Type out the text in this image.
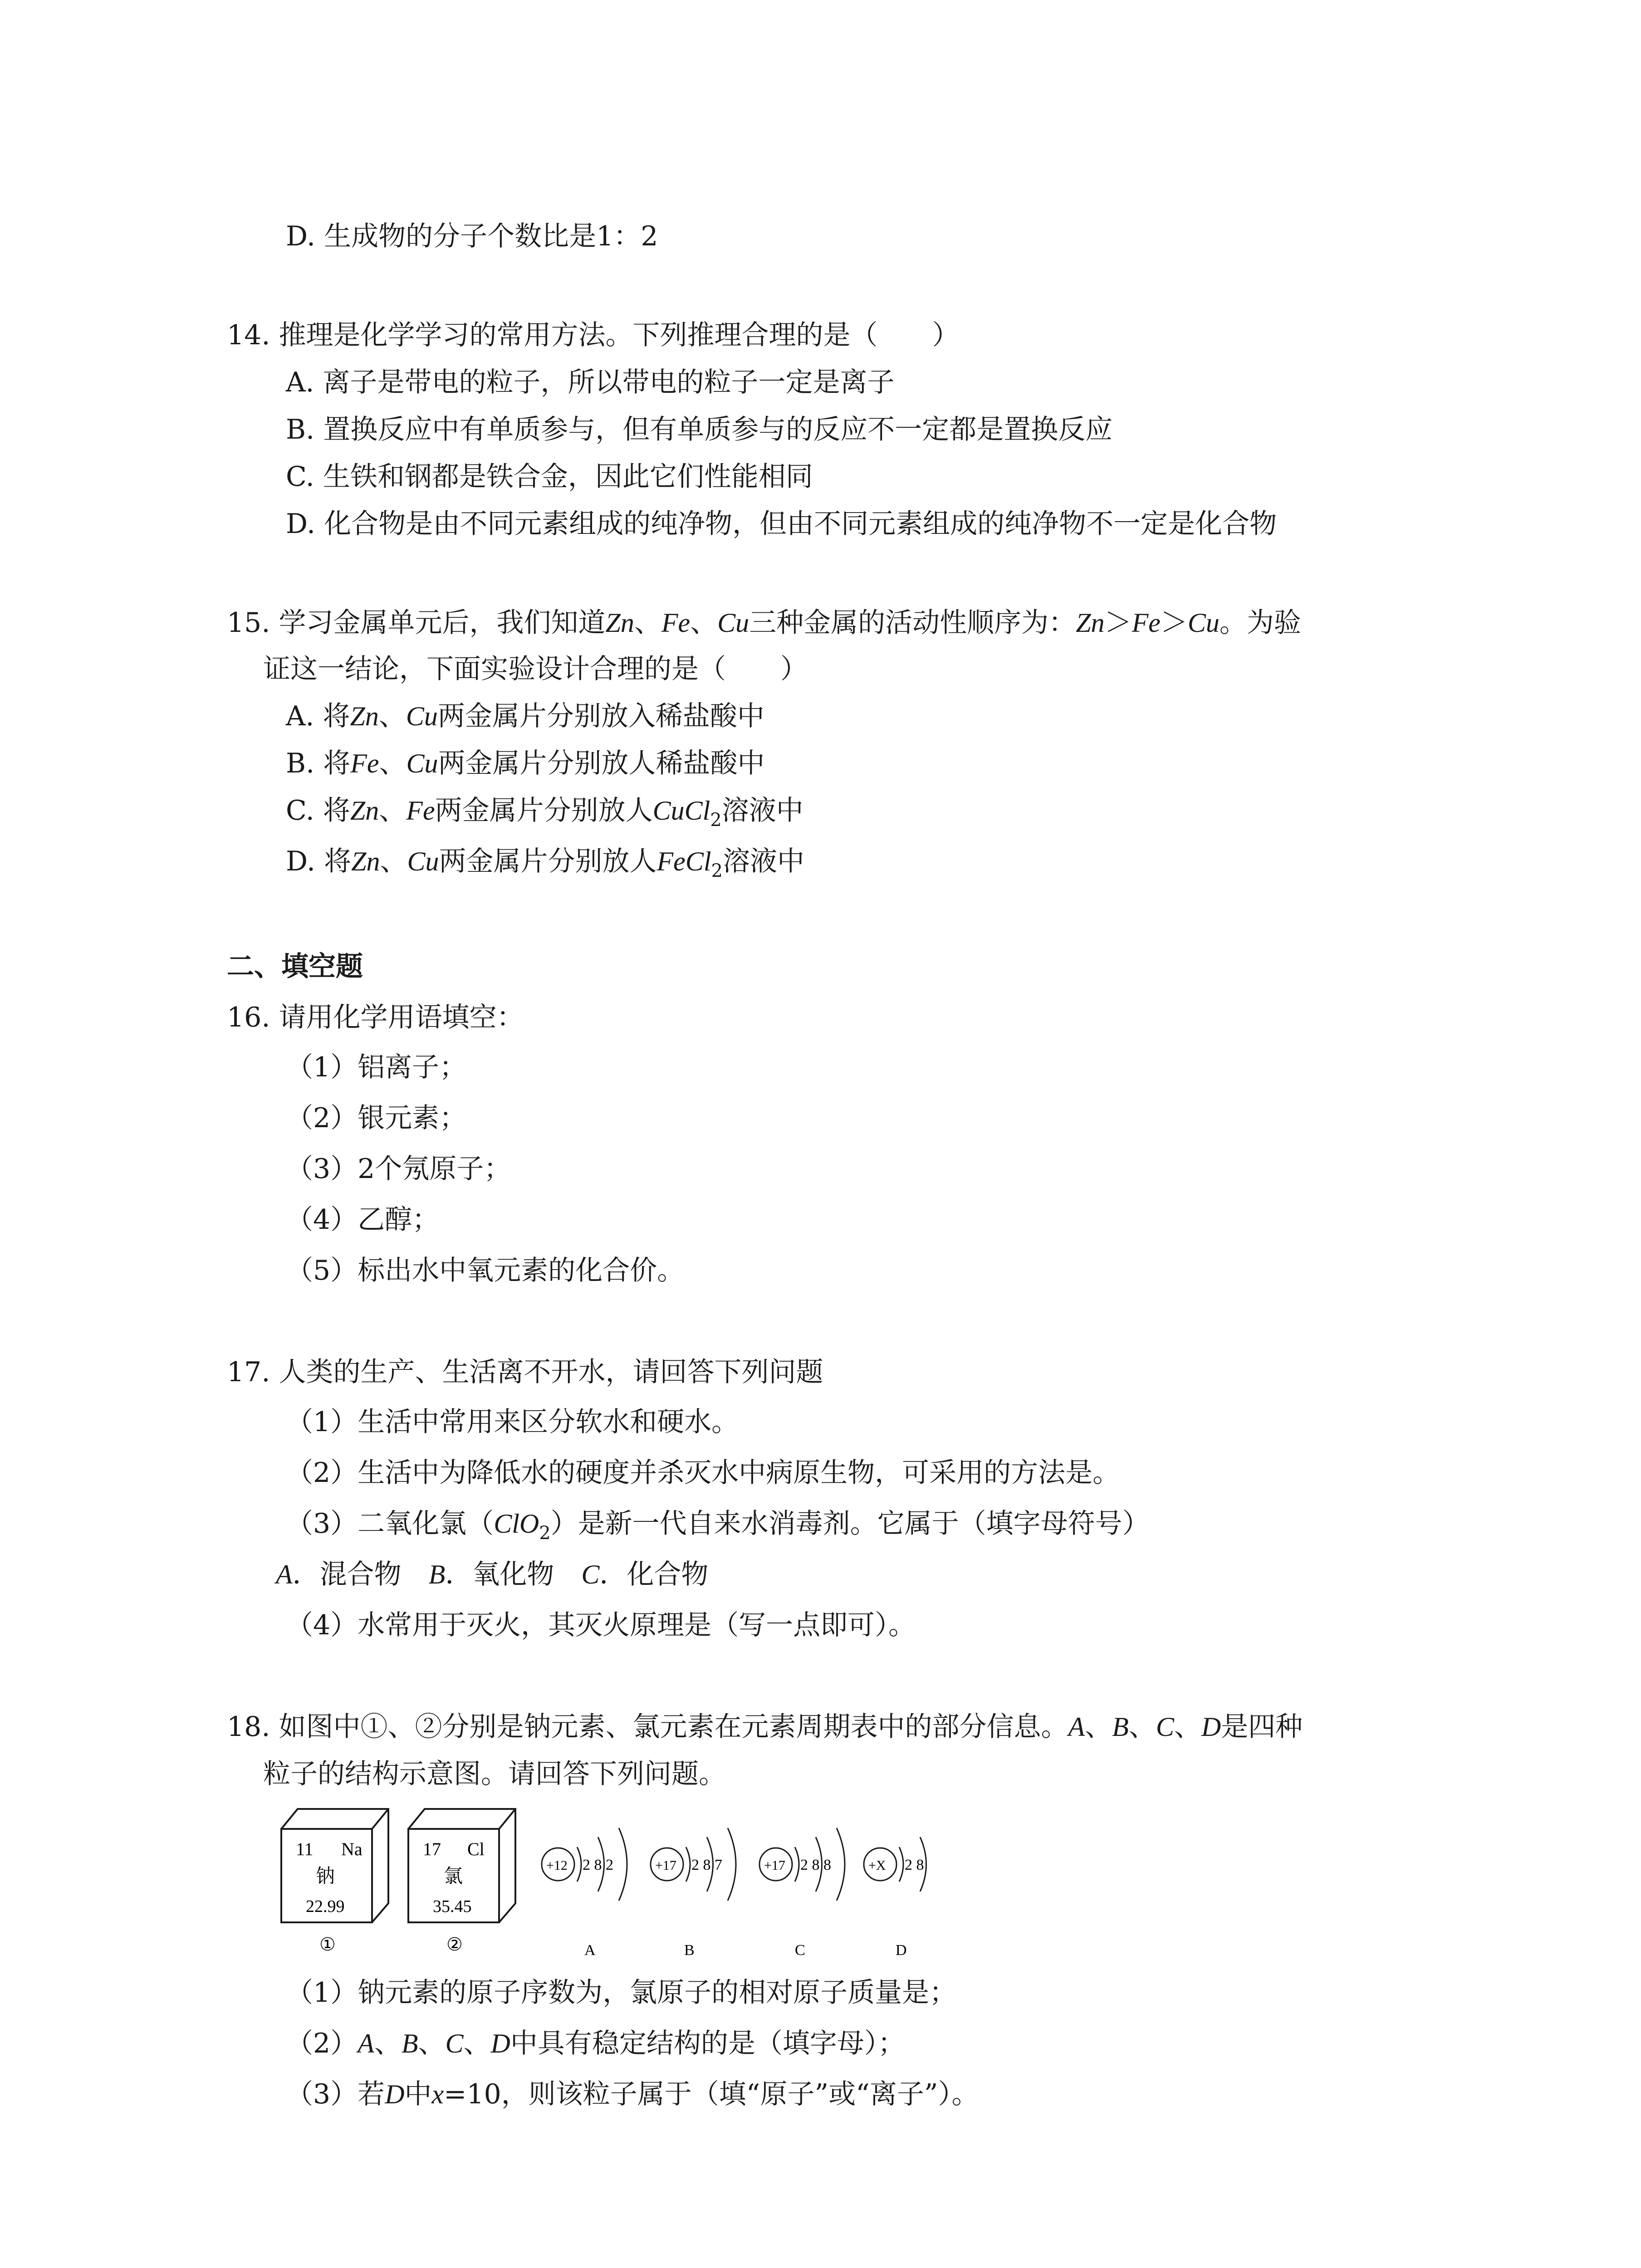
D. 生成物的分子个数比是1：2
14. 推理是化学学习的常用方法。下列推理合理的是（　　）
A. 离子是带电的粒子，所以带电的粒子一定是离子
B. 置换反应中有单质参与，但有单质参与的反应不一定都是置换反应
C. 生铁和钢都是铁合金，因此它们性能相同
D. 化合物是由不同元素组成的纯净物，但由不同元素组成的纯净物不一定是化合物
15. 学习金属单元后，我们知道Zn、Fe、Cu三种金属的活动性顺序为：Zn＞Fe＞Cu。为验
证这一结论，下面实验设计合理的是（　　）
A. 将Zn、Cu两金属片分别放入稀盐酸中
B. 将Fe、Cu两金属片分别放人稀盐酸中
C. 将Zn、Fe两金属片分别放人CuCl$_2$溶液中
D. 将Zn、Cu两金属片分别放人FeCl$_2$溶液中
二、填空题
16. 请用化学用语填空：
（1）铝离子；
（2）银元素；
（3）2个氖原子；
（4）乙醇；
（5）标出水中氧元素的化合价。
17. 人类的生产、生活离不开水，请回答下列问题
（1）生活中常用来区分软水和硬水。
（2）生活中为降低水的硬度并杀灭水中病原生物，可采用的方法是。
（3）二氧化氯（ClO$_2$）是新一代自来水消毒剂。它属于（填字母符号）
A．混合物　 B．氧化物　 C．化合物
（4）水常用于灭火，其灭火原理是（写一点即可）。
18. 如图中①、②分别是钠元素、氯元素在元素周期表中的部分信息。A、B、C、D是四种
粒子的结构示意图。请回答下列问题。
11 Na
钠
22.99
①
17 Cl
氯
35.45
②
+12 2 8 2
A
+17 2 8 7
B
+17 2 8 8
C
+X 2 8
D
（1）钠元素的原子序数为，氯原子的相对原子质量是；
（2）A、B、C、D中具有稳定结构的是（填字母）；
（3）若D中x=10，则该粒子属于（填“原子”或“离子”）。
